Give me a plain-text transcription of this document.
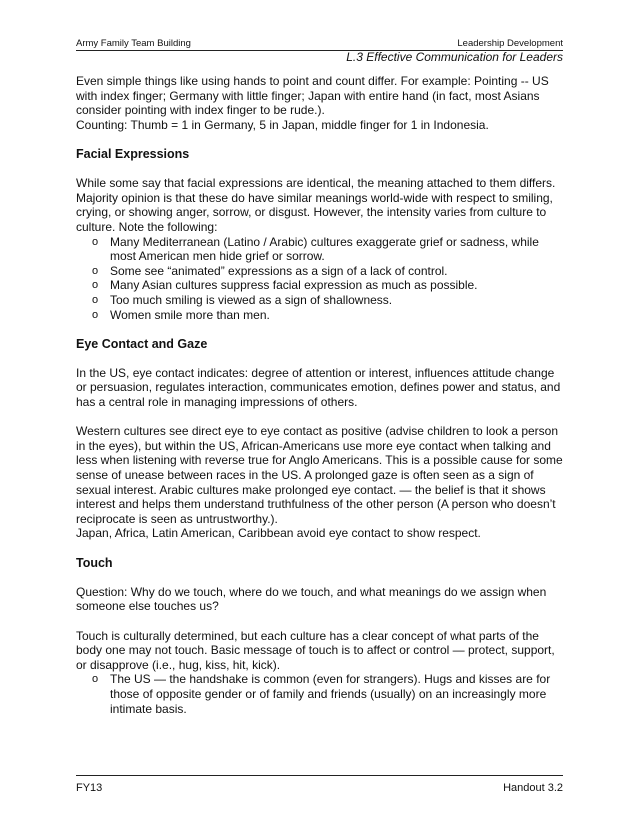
Army Family Team Building	Leadership Development
L.3 Effective Communication for Leaders

Even simple things like using hands to point and count differ. For example: Pointing -- US with index finger; Germany with little finger; Japan with entire hand (in fact, most Asians consider pointing with index finger to be rude.).

Counting: Thumb = 1 in Germany, 5 in Japan, middle finger for 1 in Indonesia.

Facial Expressions

While some say that facial expressions are identical, the meaning attached to them differs. Majority opinion is that these do have similar meanings world-wide with respect to smiling, crying, or showing anger, sorrow, or disgust. However, the intensity varies from culture to culture. Note the following:

o Many Mediterranean (Latino / Arabic) cultures exaggerate grief or sadness, while most American men hide grief or sorrow.
o Some see “animated” expressions as a sign of a lack of control.
o Many Asian cultures suppress facial expression as much as possible.
o Too much smiling is viewed as a sign of shallowness.
o Women smile more than men.
Eye Contact and Gaze

In the US, eye contact indicates: degree of attention or interest, influences attitude change or persuasion, regulates interaction, communicates emotion, defines power and status, and has a central role in managing impressions of others.

Western cultures see direct eye to eye contact as positive (advise children to look a person in the eyes), but within the US, African-Americans use more eye contact when talking and less when listening with reverse true for Anglo Americans. This is a possible cause for some sense of unease between races in the US. A prolonged gaze is often seen as a sign of sexual interest. Arabic cultures make prolonged eye contact. — the belief is that it shows interest and helps them understand truthfulness of the other person (A person who doesn’t reciprocate is seen as untrustworthy.).

Japan, Africa, Latin American, Caribbean avoid eye contact to show respect.

Touch

Question: Why do we touch, where do we touch, and what meanings do we assign when someone else touches us?

Touch is culturally determined, but each culture has a clear concept of what parts of the body one may not touch. Basic message of touch is to affect or control — protect, support, or disapprove (i.e., hug, kiss, hit, kick).

o The US — the handshake is common (even for strangers). Hugs and kisses are for those of opposite gender or of family and friends (usually) on an increasingly more intimate basis.
FY13	Handout 3.2
